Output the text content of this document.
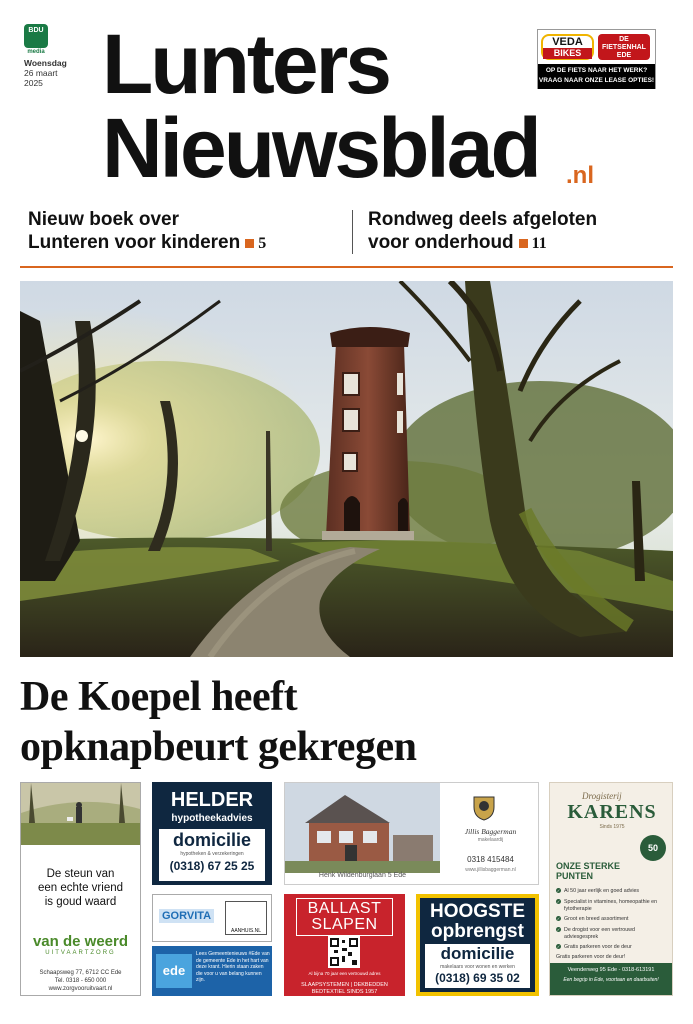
BDU
media
Woensdag
26 maart
2025 Lunters
Nieuwsblad .nl
VEDA
BIKES
DE FIETSENHAL
EDE
OP DE FIETS NAAR HET WERK?
VRAAG NAAR ONZE LEASE OPTIES!
Nieuw boek over
Lunteren voor kinderen 5
Rondweg deels afgeloten
voor onderhoud 11
De Koepel heeft
opknapbeurt gekregen
De steun van
een echte vriend
is goud waard
van de weerd
UITVAARTZORG
Schaapsweg 77, 6712 CC Ede
Tel. 0318 - 650 000
www.zorgvooruitvaart.nl
HELDER
hypotheekadvies
domicilie
hypotheken & verzekeringen
(0318) 67 25 25
GORVITA
AANHUIS.NL
ede
Lees Gemeentenieuws #Ede van de gemeente Ede in het hart van deze krant. Hierin staan zaken die voor u van belang kunnen zijn.
Henk Wildenburglaan 5 Ede
Jillis Baggerman
makelaardij
0318 415484
www.jillisbaggerman.nl
BALLAST
SLAPEN
Al bijna 70 jaar een vertrouwd adres
SLAAPSYSTEMEN | DEKBEDDEN
BEDTEXTIEL SINDS 1957
HOOGSTE
opbrengst
domicilie
makelaars voor wonen en werken
(0318) 69 35 02
Drogisterij
KARENS
Sinds 1975
50
ONZE STERKE
PUNTEN
✓ Al 50 jaar eerlijk en goed advies
✓ Specialist in vitamines, homeopathie en fytotherapie
✓ Groot en breed assortiment
✓ De drogist voor een vertrouwd adviesgesprek
✓ Gratis parkeren voor de deur
Gratis parkeren voor de deur!
Veenderweg 95 Ede - 0318-613191
Een begrip in Ede, voortaan en daarbuiten!
